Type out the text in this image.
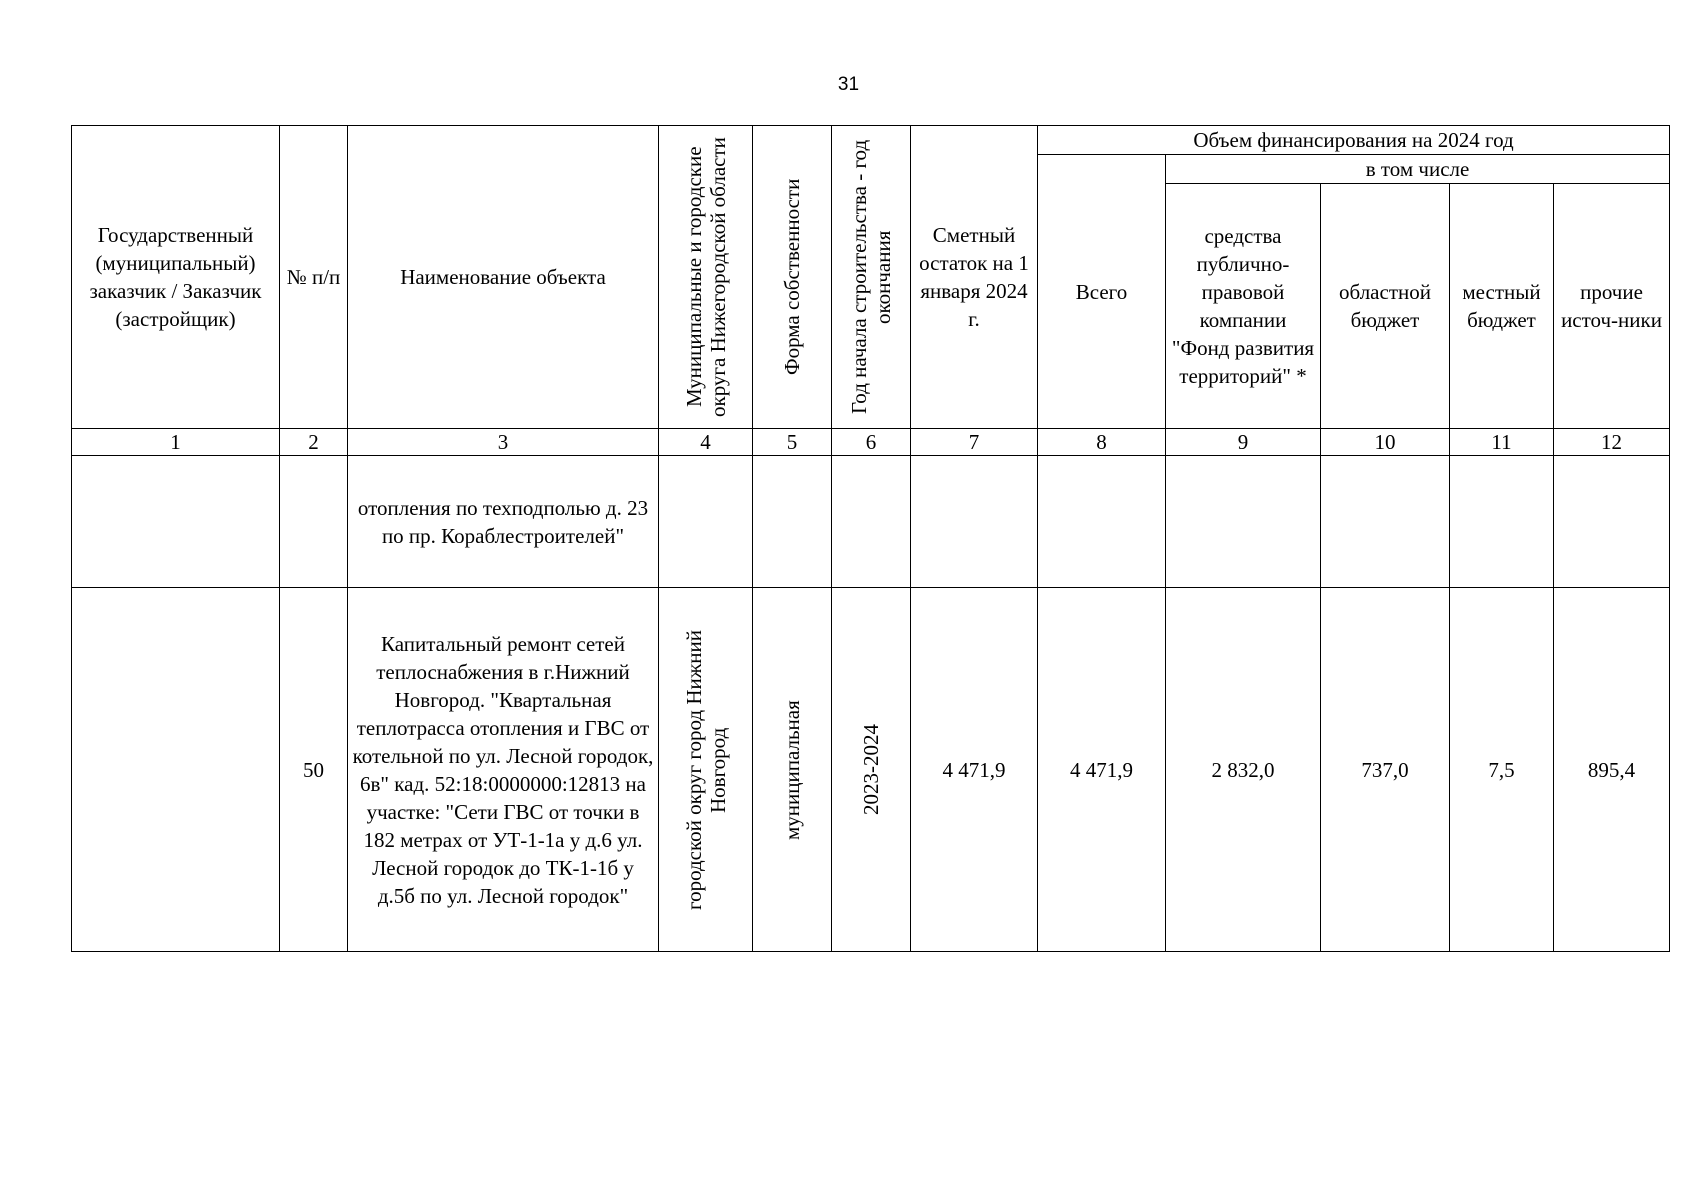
31
Государственный (муниципальный) заказчик / Заказчик (застройщик)	№ п/п	Наименование объекта	Муниципальные и городские округа Нижегородской области	Форма собственности	Год начала строительства - год окончания	Сметный остаток на 1 января 2024 г.	Объем финансирования на 2024 год				
							Всего	в том числе			
								средства публично-правовой компании "Фонд развития территорий" *	областной бюджет	местный бюджет	прочие источ-ники
1	2	3	4	5	6	7	8	9	10	11	12
		отопления по техподполью д. 23 по пр. Кораблестроителей"									
	50	Капитальный ремонт сетей теплоснабжения в г.Нижний Новгород. "Квартальная теплотрасса отопления и ГВС от котельной по ул. Лесной городок, 6в" кад. 52:18:0000000:12813 на участке: "Сети ГВС от точки в 182 метрах от УТ-1-1а у д.6 ул. Лесной городок до ТК-1-1б у д.5б по ул. Лесной городок"	городской округ город Нижний Новгород	муниципальная	2023-2024	4 471,9	4 471,9	2 832,0	737,0	7,5	895,4
